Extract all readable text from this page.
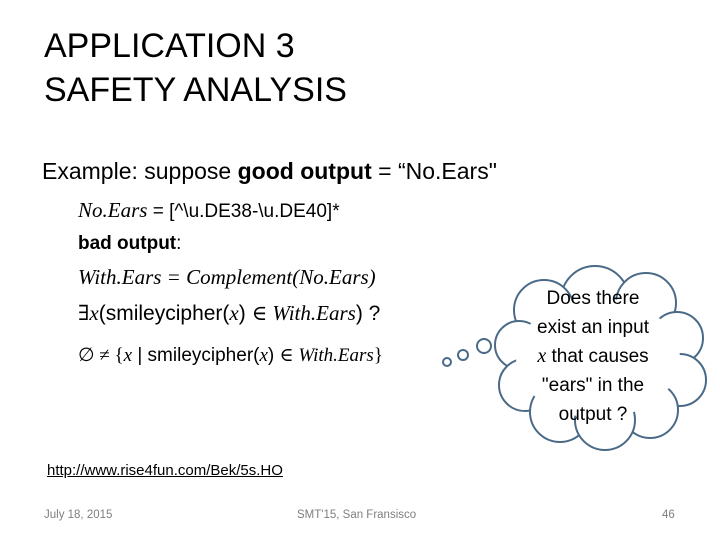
APPLICATION 3
SAFETY ANALYSIS
Example: suppose good output = “No.Ears"
No.Ears = [^\u.DE38-\u.DE40]*
bad output:
With.Ears = Complement(No.Ears)
∃x(smileycipher(x) ∈ With.Ears) ?
∅ ≠ {x | smileycipher(x) ∈ With.Ears}
Does there
exist an input
x that causes
"ears" in the
output ?
http://www.rise4fun.com/Bek/5s.HO
July 18, 2015	SMT'15, San Fransisco	46
